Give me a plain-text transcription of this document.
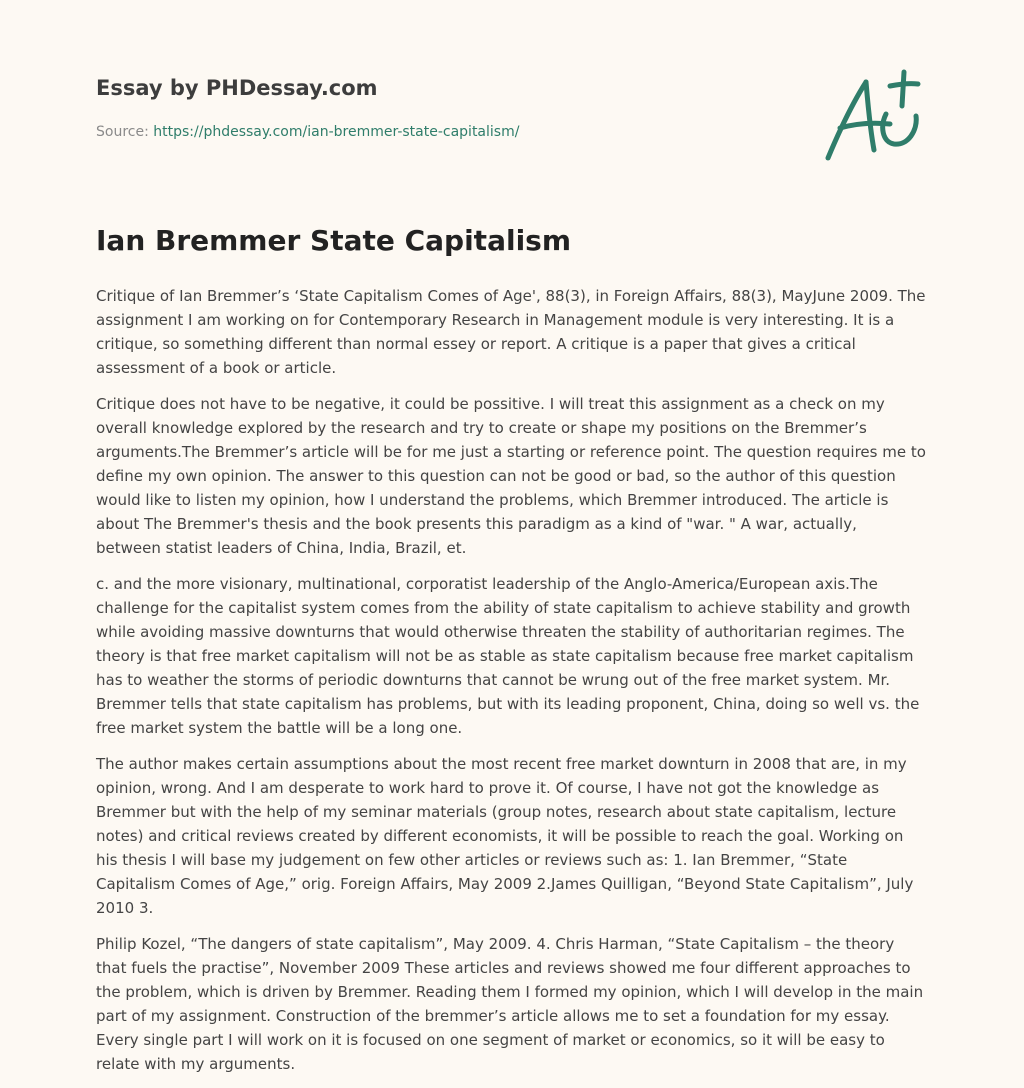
Essay by PHDessay.com
Source: https://phdessay.com/ian-bremmer-state-capitalism/
Ian Bremmer State Capitalism

Critique of Ian Bremmer’s ‘State Capitalism Comes of Age', 88(3), in Foreign Affairs, 88(3), MayJune 2009. The assignment I am working on for Contemporary Research in Management module is very interesting. It is a critique, so something different than normal essey or report. A critique is a paper that gives a critical assessment of a book or article.

Critique does not have to be negative, it could be possitive. I will treat this assignment as a check on my overall knowledge explored by the research and try to create or shape my positions on the Bremmer’s arguments.The Bremmer’s article will be for me just a starting or reference point. The question requires me to define my own opinion. The answer to this question can not be good or bad, so the author of this question would like to listen my opinion, how I understand the problems, which Bremmer introduced. The article is about The Bremmer's thesis and the book presents this paradigm as a kind of "war. " A war, actually, between statist leaders of China, India, Brazil, et.

c. and the more visionary, multinational, corporatist leadership of the Anglo-America/European axis.The challenge for the capitalist system comes from the ability of state capitalism to achieve stability and growth while avoiding massive downturns that would otherwise threaten the stability of authoritarian regimes. The theory is that free market capitalism will not be as stable as state capitalism because free market capitalism has to weather the storms of periodic downturns that cannot be wrung out of the free market system. Mr. Bremmer tells that state capitalism has problems, but with its leading proponent, China, doing so well vs. the free market system the battle will be a long one.

The author makes certain assumptions about the most recent free market downturn in 2008 that are, in my opinion, wrong. And I am desperate to work hard to prove it. Of course, I have not got the knowledge as Bremmer but with the help of my seminar materials (group notes, research about state capitalism, lecture notes) and critical reviews created by different economists, it will be possible to reach the goal. Working on his thesis I will base my judgement on few other articles or reviews such as: 1. Ian Bremmer, “State Capitalism Comes of Age,” orig. Foreign Affairs, May 2009 2.James Quilligan, “Beyond State Capitalism”, July 2010 3.

Philip Kozel, “The dangers of state capitalism”, May 2009. 4. Chris Harman, “State Capitalism – the theory that fuels the practise”, November 2009 These articles and reviews showed me four different approaches to the problem, which is driven by Bremmer. Reading them I formed my opinion, which I will develop in the main part of my assignment. Construction of the bremmer’s article allows me to set a foundation for my essay. Every single part I will work on it is focused on one segment of market or economics, so it will be easy to relate with my arguments.
